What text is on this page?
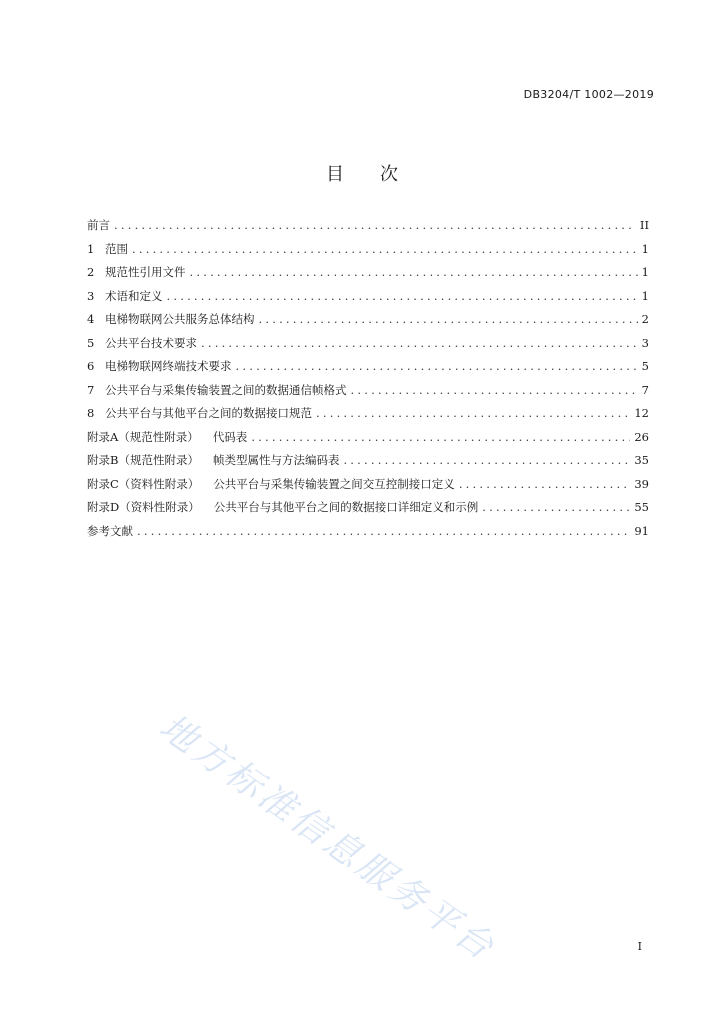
DB3204/T 1002—2019
目次
前言 .....	II
1 范围 .....	1
2 规范性引用文件 .....	1
3 术语和定义 .....	1
4 电梯物联网公共服务总体结构 .....	2
5 公共平台技术要求 .....	3
6 电梯物联网终端技术要求 .....	5
7 公共平台与采集传输装置之间的数据通信帧格式 .....	7
8 公共平台与其他平台之间的数据接口规范 .....	12
附录A（规范性附录） 代码表 .....	26
附录B（规范性附录） 帧类型属性与方法编码表 .....	35
附录C（资料性附录） 公共平台与采集传输装置之间交互控制接口定义 .....	39
附录D（资料性附录） 公共平台与其他平台之间的数据接口详细定义和示例 .....	55
参考文献 .....	91
地方标准信息服务平台	I
